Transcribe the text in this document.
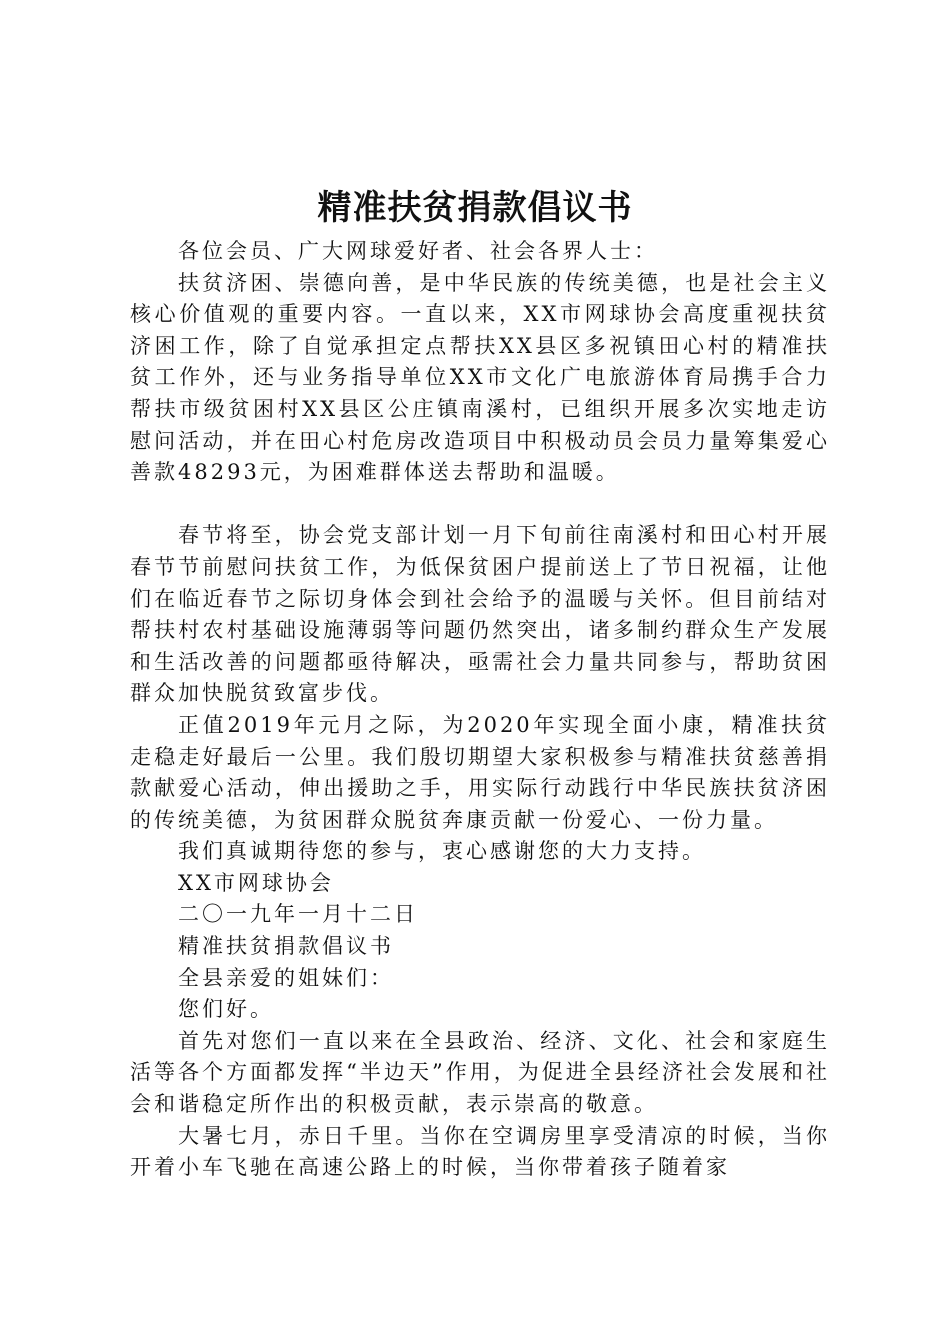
精准扶贫捐款倡议书

各位会员、广大网球爱好者、社会各界人士：

扶贫济困、崇德向善，是中华民族的传统美德，也是社会主义核心价值观的重要内容。一直以来，XX市网球协会高度重视扶贫济困工作，除了自觉承担定点帮扶XX县区多祝镇田心村的精准扶贫工作外，还与业务指导单位XX市文化广电旅游体育局携手合力帮扶市级贫困村XX县区公庄镇南溪村，已组织开展多次实地走访慰问活动，并在田心村危房改造项目中积极动员会员力量筹集爱心善款48293元，为困难群体送去帮助和温暖。

春节将至，协会党支部计划一月下旬前往南溪村和田心村开展春节节前慰问扶贫工作，为低保贫困户提前送上了节日祝福，让他们在临近春节之际切身体会到社会给予的温暖与关怀。但目前结对帮扶村农村基础设施薄弱等问题仍然突出，诸多制约群众生产发展和生活改善的问题都亟待解决，亟需社会力量共同参与，帮助贫困群众加快脱贫致富步伐。

正值2019年元月之际，为2020年实现全面小康，精准扶贫走稳走好最后一公里。我们殷切期望大家积极参与精准扶贫慈善捐款献爱心活动，伸出援助之手，用实际行动践行中华民族扶贫济困的传统美德，为贫困群众脱贫奔康贡献一份爱心、一份力量。

我们真诚期待您的参与，衷心感谢您的大力支持。

XX市网球协会

二〇一九年一月十二日

精准扶贫捐款倡议书

全县亲爱的姐妹们：

您们好。

首先对您们一直以来在全县政治、经济、文化、社会和家庭生活等各个方面都发挥“半边天”作用，为促进全县经济社会发展和社会和谐稳定所作出的积极贡献，表示崇高的敬意。

大暑七月，赤日千里。当你在空调房里享受清凉的时候，当你开着小车飞驰在高速公路上的时候，当你带着孩子随着家
